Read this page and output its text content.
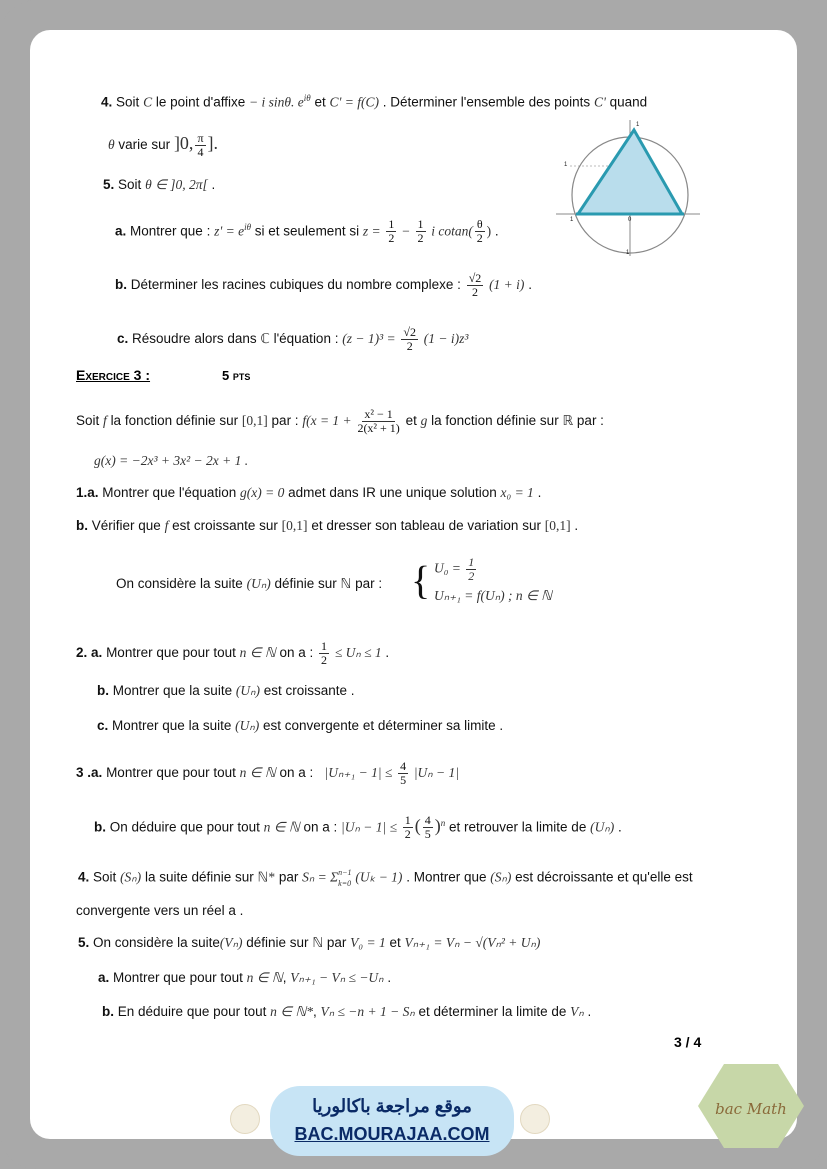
4. Soit C le point d'affixe − i sinθ. $e^{i\theta}$ et C' = f(C) . Déterminer l'ensemble des points C' quand
θ varie sur ]0, $\frac{\pi}{4}$ ].
1
1
1	0
1
5. Soit θ ∈ ]0, 2π[ .
a. Montrer que : $z' = e^{i\theta}$ si et seulement si $z = \frac{1}{2} - \frac{1}{2}$ i $cotan( \frac{\theta}{2}$ ) .
b. Déterminer les racines cubiques du nombre complexe : $\frac{√2}{2} (1 + i)$ .
c. Résoudre alors dans ℂ l'équation : $(z - 1)^3 = \frac{√2}{2} (1 - i)z^3$
Exercice 3 :	5 pts
Soit f la fonction définie sur [0,1] par : $f(x = 1 + \frac{\text{x² − 1}}{\text{2(x² + 1)}}$ et g la fonction définie sur ℝ par :
g(x) = −2x³ + 3x² − 2x + 1 .
1.a. Montrer que l'équation g(x) = 0 admet dans IR une unique solution x₀ = 1 .
b. Vérifier que f est croissante sur [0,1] et dresser son tableau de variation sur [0,1] .
On considère la suite (Uₙ) définie sur ℕ par : { $U_0 = \frac{1}{2}$
Uₙ₊₁ = f(Uₙ) ; n ∈ ℕ
2. a. Montrer que pour tout n ∈ ℕ on a : $\frac{1}{2} \le U_n \le 1$ .
b. Montrer que la suite (Uₙ) est croissante .
c. Montrer que la suite (Uₙ) est convergente et déterminer sa limite .
3 .a. Montrer que pour tout n ∈ ℕ on a : $|U_{n+1} - 1| \le \frac{4}{5} |U_n - 1|$
b. On déduire que pour tout n ∈ ℕ on a : $|U_n - 1| \le \frac{1}{2}$ ( $\frac{4}{5} )^n$ et retrouver la limite de (Uₙ) .
4. Soit (Sₙ) la suite définie sur ℕ* par Sₙ = Σ n−1
k=0 (Uₖ − 1) . Montrer que (Sₙ) est décroissante et qu'elle est
convergente vers un réel a .
5. On considère la suite(Vₙ) définie sur ℕ par V₀ = 1 et Vₙ₊₁ = Vₙ − √(Vₙ² + Uₙ)
a. Montrer que pour tout n ∈ ℕ, Vₙ₊₁ − Vₙ ≤ −Uₙ .
b. En déduire que pour tout n ∈ ℕ*, Vₙ ≤ −n + 1 − Sₙ et déterminer la limite de Vₙ .
3 / 4
موقع مراجعة باكالوريا
BAC.MOURAJAA.COM
bac Math
